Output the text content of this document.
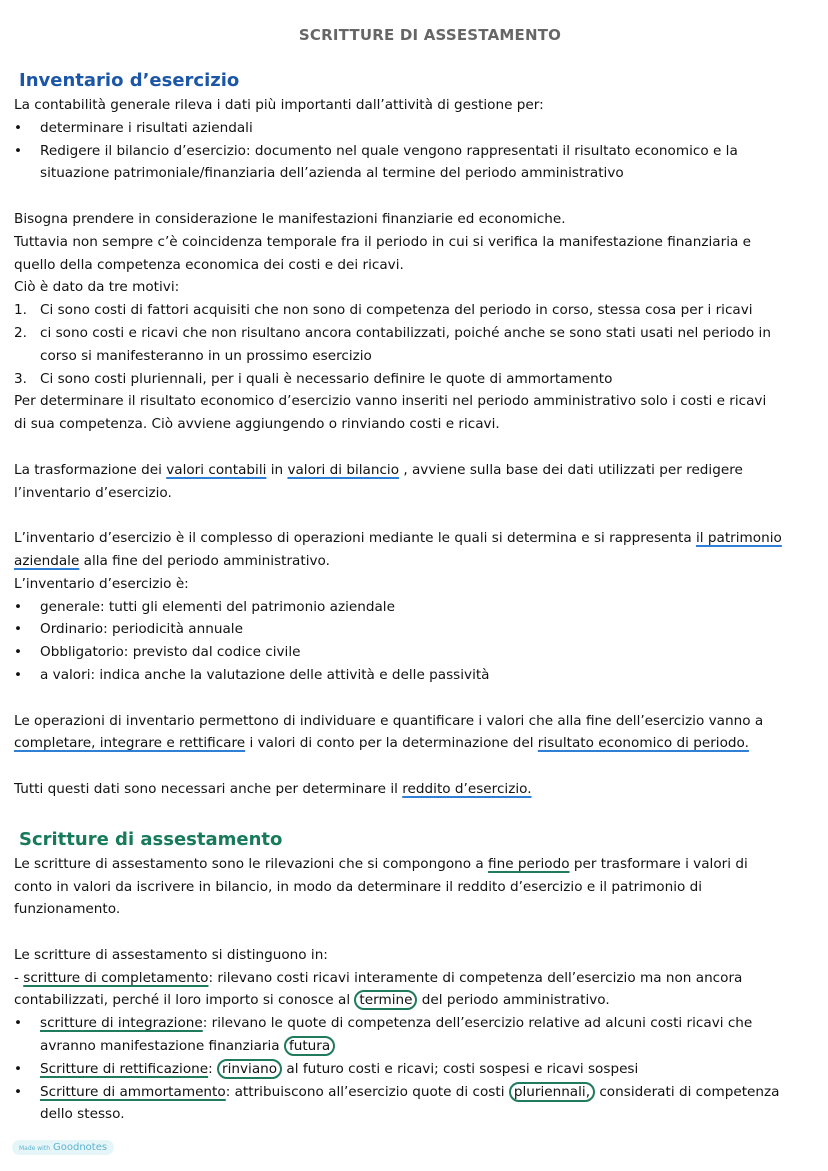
SCRITTURE DI ASSESTAMENTO
Inventario d’esercizio
La contabilità generale rileva i dati più importanti dall’attività di gestione per:
•	determinare i risultati aziendali
•	Redigere il bilancio d’esercizio: documento nel quale vengono rappresentati il risultato economico e la
situazione patrimoniale/finanziaria dell’azienda al termine del periodo amministrativo
Bisogna prendere in considerazione le manifestazioni finanziarie ed economiche.
Tuttavia non sempre c’è coincidenza temporale fra il periodo in cui si verifica la manifestazione finanziaria e
quello della competenza economica dei costi e dei ricavi.
Ciò è dato da tre motivi:
1. Ci sono costi di fattori acquisiti che non sono di competenza del periodo in corso, stessa cosa per i ricavi
2. ci sono costi e ricavi che non risultano ancora contabilizzati, poiché anche se sono stati usati nel periodo in
corso si manifesteranno in un prossimo esercizio
3. Ci sono costi pluriennali, per i quali è necessario definire le quote di ammortamento
Per determinare il risultato economico d’esercizio vanno inseriti nel periodo amministrativo solo i costi e ricavi
di sua competenza. Ciò avviene aggiungendo o rinviando costi e ricavi.
La trasformazione dei valori contabili in valori di bilancio , avviene sulla base dei dati utilizzati per redigere
l’inventario d’esercizio.
L’inventario d’esercizio è il complesso di operazioni mediante le quali si determina e si rappresenta il patrimonio
aziendale alla fine del periodo amministrativo.
L’inventario d’esercizio è:
•	generale: tutti gli elementi del patrimonio aziendale
•	Ordinario: periodicità annuale
•	Obbligatorio: previsto dal codice civile
•	a valori: indica anche la valutazione delle attività e delle passività
Le operazioni di inventario permettono di individuare e quantificare i valori che alla fine dell’esercizio vanno a
completare, integrare e rettificare i valori di conto per la determinazione del risultato economico di periodo.
Tutti questi dati sono necessari anche per determinare il reddito d’esercizio.
Scritture di assestamento
Le scritture di assestamento sono le rilevazioni che si compongono a fine periodo per trasformare i valori di
conto in valori da iscrivere in bilancio, in modo da determinare il reddito d’esercizio e il patrimonio di
funzionamento.
Le scritture di assestamento si distinguono in:
- scritture di completamento: rilevano costi ricavi interamente di competenza dell’esercizio ma non ancora
contabilizzati, perché il loro importo si conosce al termine del periodo amministrativo.
•	scritture di integrazione: rilevano le quote di competenza dell’esercizio relative ad alcuni costi ricavi che
avranno manifestazione finanziaria futura
•	Scritture di rettificazione: rinviano al futuro costi e ricavi; costi sospesi e ricavi sospesi
•	Scritture di ammortamento: attribuiscono all’esercizio quote di costi pluriennali, considerati di competenza
dello stesso.
Made with Goodnotes
